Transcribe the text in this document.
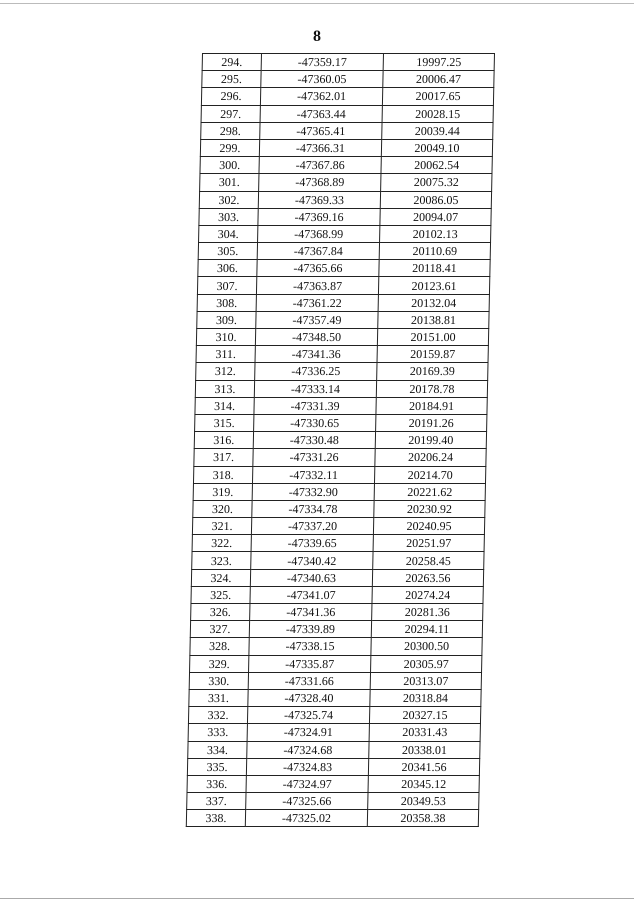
8
294.	-47359.17	19997.25
295.	-47360.05	20006.47
296.	-47362.01	20017.65
297.	-47363.44	20028.15
298.	-47365.41	20039.44
299.	-47366.31	20049.10
300.	-47367.86	20062.54
301.	-47368.89	20075.32
302.	-47369.33	20086.05
303.	-47369.16	20094.07
304.	-47368.99	20102.13
305.	-47367.84	20110.69
306.	-47365.66	20118.41
307.	-47363.87	20123.61
308.	-47361.22	20132.04
309.	-47357.49	20138.81
310.	-47348.50	20151.00
311.	-47341.36	20159.87
312.	-47336.25	20169.39
313.	-47333.14	20178.78
314.	-47331.39	20184.91
315.	-47330.65	20191.26
316.	-47330.48	20199.40
317.	-47331.26	20206.24
318.	-47332.11	20214.70
319.	-47332.90	20221.62
320.	-47334.78	20230.92
321.	-47337.20	20240.95
322.	-47339.65	20251.97
323.	-47340.42	20258.45
324.	-47340.63	20263.56
325.	-47341.07	20274.24
326.	-47341.36	20281.36
327.	-47339.89	20294.11
328.	-47338.15	20300.50
329.	-47335.87	20305.97
330.	-47331.66	20313.07
331.	-47328.40	20318.84
332.	-47325.74	20327.15
333.	-47324.91	20331.43
334.	-47324.68	20338.01
335.	-47324.83	20341.56
336.	-47324.97	20345.12
337.	-47325.66	20349.53
338.	-47325.02	20358.38
